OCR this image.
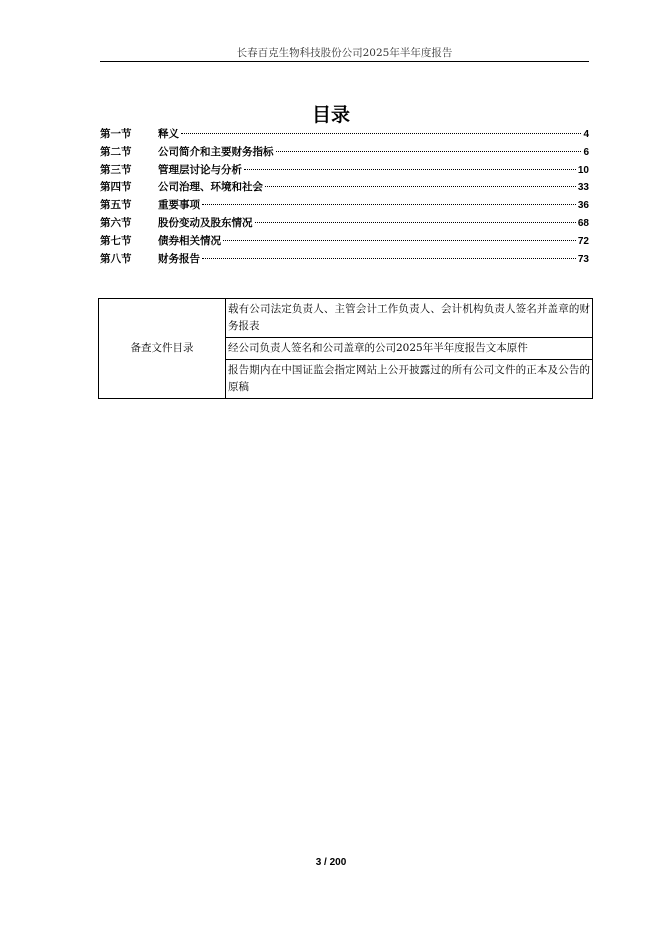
长春百克生物科技股份公司2025年半年度报告
目录
第一节	释义	4
第二节	公司简介和主要财务指标	6
第三节	管理层讨论与分析	10
第四节	公司治理、环境和社会	33
第五节	重要事项	36
第六节	股份变动及股东情况	68
第七节	债券相关情况	72
第八节	财务报告	73
备查文件目录	载有公司法定负责人、主管会计工作负责人、会计机构负责人签名并盖章的财务报表
经公司负责人签名和公司盖章的公司2025年半年度报告文本原件
报告期内在中国证监会指定网站上公开披露过的所有公司文件的正本及公告的原稿
3 / 200
